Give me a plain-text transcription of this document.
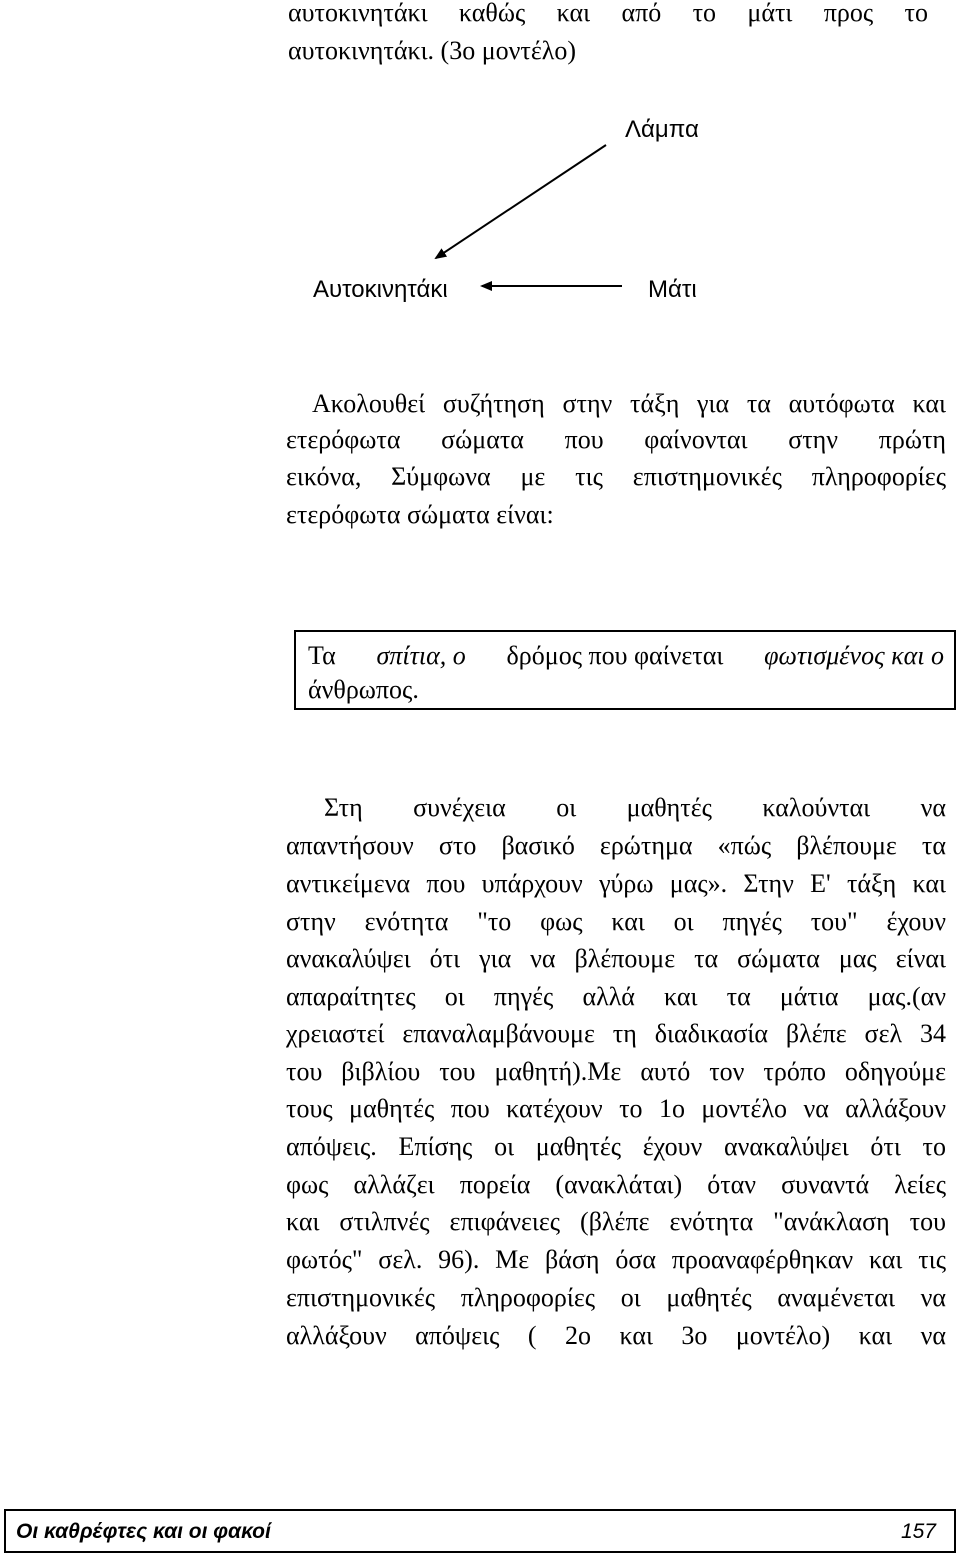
αυτοκινητάκι καθώς και από το μάτι προς το
αυτοκινητάκι. (3ο μοντέλο)
Λάμπα
Αυτοκινητάκι	Μάτι
Ακολουθεί συζήτηση στην τάξη για τα αυτόφωτα και
ετερόφωτα σώματα που φαίνονται στην πρώτη
εικόνα, Σύμφωνα με τις επιστημονικές πληροφορίες
ετερόφωτα σώματα είναι:
Τα σπίτια, ο δρόμος που φαίνεται φωτισμένος και ο
άνθρωπος.
Στη συνέχεια οι μαθητές καλούνται να
απαντήσουν στο βασικό ερώτημα «πώς βλέπουμε τα
αντικείμενα που υπάρχουν γύρω μας». Στην Ε' τάξη και
στην ενότητα "το φως και οι πηγές του" έχουν
ανακαλύψει ότι για να βλέπουμε τα σώματα μας είναι
απαραίτητες οι πηγές αλλά και τα μάτια μας.(αν
χρειαστεί επαναλαμβάνουμε τη διαδικασία βλέπε σελ 34
του βιβλίου του μαθητή).Με αυτό τον τρόπο οδηγούμε
τους μαθητές που κατέχουν το 1ο μοντέλο να αλλάξουν
απόψεις. Επίσης οι μαθητές έχουν ανακαλύψει ότι το
φως αλλάζει πορεία (ανακλάται) όταν συναντά λείες
και στιλπνές επιφάνειες (βλέπε ενότητα "ανάκλαση του
φωτός" σελ. 96). Με βάση όσα προαναφέρθηκαν και τις
επιστημονικές πληροφορίες οι μαθητές αναμένεται να
αλλάξουν απόψεις ( 2ο και 3ο μοντέλο) και να
Οι καθρέφτες και οι φακοί	157
